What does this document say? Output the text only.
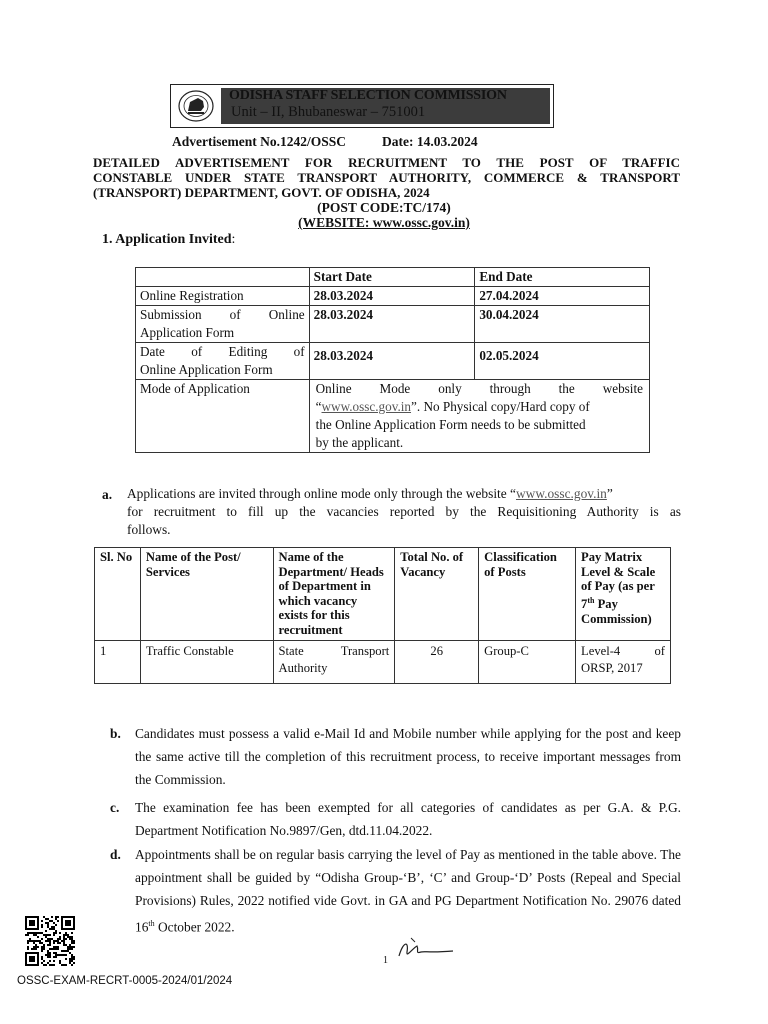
ODISHA STAFF SELECTION COMMISSION
Unit – II, Bhubaneswar – 751001
Advertisement No.1242/OSSC	Date: 14.03.2024
DETAILED ADVERTISEMENT FOR RECRUITMENT TO THE POST OF TRAFFIC
CONSTABLE UNDER STATE TRANSPORT AUTHORITY, COMMERCE & TRANSPORT
(TRANSPORT) DEPARTMENT, GOVT. OF ODISHA, 2024
(POST CODE:TC/174)
(WEBSITE: www.ossc.gov.in)
1. Application Invited:
	Start Date	End Date
Online Registration	28.03.2024	27.04.2024

Submission of Online
Application Form	28.03.2024	30.04.2024

Date of Editing of
Online Application Form	28.03.2024	02.05.2024
Mode of Application	Online Mode only through the website
“www.ossc.gov.in”. No Physical copy/Hard copy of
the Online Application Form needs to be submitted
by the applicant.	
a. Applications are invited through online mode only through the website “www.ossc.gov.in”
for recruitment to fill up the vacancies reported by the Requisitioning Authority is as
follows.
Sl. No	Name of the Post/ Services	Name of the Department/ Heads of Department in which vacancy exists for this recruitment	Total No. of Vacancy	Classification of Posts	Pay Matrix Level & Scale of Pay (as per 7th Pay Commission)
1	Traffic Constable	State Transport Authority	26	Group-C	Level-4 of ORSP, 2017
b. Candidates must possess a valid e-Mail Id and Mobile number while applying for the post and keep the same active till the completion of this recruitment process, to receive important messages from the Commission.
c. The examination fee has been exempted for all categories of candidates as per G.A. & P.G. Department Notification No.9897/Gen, dtd.11.04.2022.
d. Appointments shall be on regular basis carrying the level of Pay as mentioned in the table above. The appointment shall be guided by “Odisha Group-‘B’, ‘C’ and Group-‘D’ Posts (Repeal and Special Provisions) Rules, 2022 notified vide Govt. in GA and PG Department Notification No. 29076 dated 16th October 2022.
1
OSSC-EXAM-RECRT-0005-2024/01/2024
